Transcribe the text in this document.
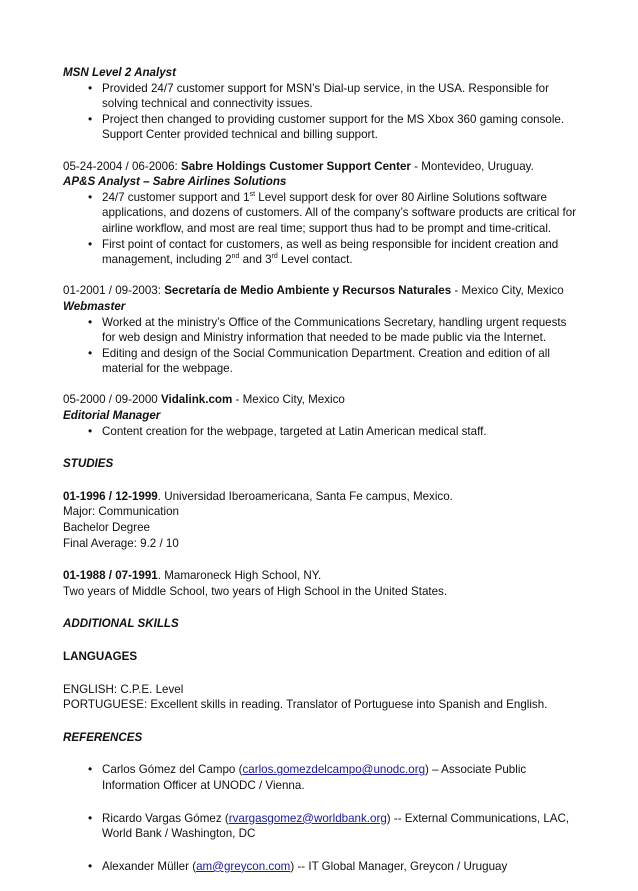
MSN Level 2 Analyst
• Provided 24/7 customer support for MSN’s Dial-up service, in the USA. Responsible for
solving technical and connectivity issues.
• Project then changed to providing customer support for the MS Xbox 360 gaming console.
Support Center provided technical and billing support.
05-24-2004 / 06-2006: Sabre Holdings Customer Support Center - Montevideo, Uruguay.
AP&S Analyst – Sabre Airlines Solutions
• 24/7 customer support and 1st Level support desk for over 80 Airline Solutions software
applications, and dozens of customers. All of the company’s software products are critical for
airline workflow, and most are real time; support thus had to be prompt and time-critical.
• First point of contact for customers, as well as being responsible for incident creation and
management, including 2nd and 3rd Level contact.
01-2001 / 09-2003: Secretaría de Medio Ambiente y Recursos Naturales - Mexico City, Mexico
Webmaster
• Worked at the ministry’s Office of the Communications Secretary, handling urgent requests
for web design and Ministry information that needed to be made public via the Internet.
• Editing and design of the Social Communication Department. Creation and edition of all
material for the webpage.
05-2000 / 09-2000 Vidalink.com - Mexico City, Mexico
Editorial Manager
• Content creation for the webpage, targeted at Latin American medical staff.
STUDIES
01-1996 / 12-1999. Universidad Iberoamericana, Santa Fe campus, Mexico.
Major: Communication
Bachelor Degree
Final Average: 9.2 / 10
01-1988 / 07-1991. Mamaroneck High School, NY.
Two years of Middle School, two years of High School in the United States.
ADDITIONAL SKILLS
LANGUAGES
ENGLISH: C.P.E. Level
PORTUGUESE: Excellent skills in reading. Translator of Portuguese into Spanish and English.
REFERENCES
• Carlos Gómez del Campo (carlos.gomezdelcampo@unodc.org) – Associate Public
Information Officer at UNODC / Vienna.
• Ricardo Vargas Gómez (rvargasgomez@worldbank.org) -- External Communications, LAC,
World Bank / Washington, DC
• Alexander Müller (am@greycon.com) -- IT Global Manager, Greycon / Uruguay
